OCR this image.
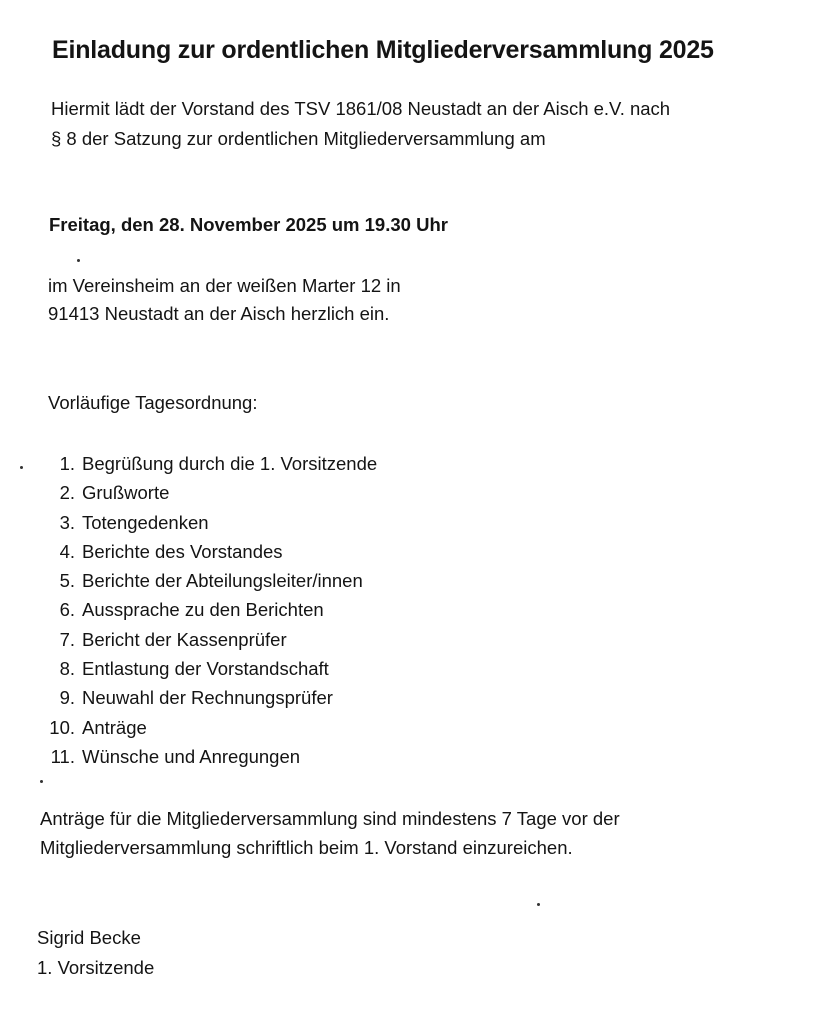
Einladung zur ordentlichen Mitgliederversammlung 2025
Hiermit lädt der Vorstand des TSV 1861/08 Neustadt an der Aisch e.V. nach
§ 8 der Satzung zur ordentlichen Mitgliederversammlung am
Freitag, den 28. November 2025 um 19.30 Uhr
im Vereinsheim an der weißen Marter 12 in
91413 Neustadt an der Aisch herzlich ein.
Vorläufige Tagesordnung:
1. Begrüßung durch die 1. Vorsitzende
2. Grußworte
3. Totengedenken
4. Berichte des Vorstandes
5. Berichte der Abteilungsleiter/innen
6. Aussprache zu den Berichten
7. Bericht der Kassenprüfer
8. Entlastung der Vorstandschaft
9. Neuwahl der Rechnungsprüfer
10. Anträge
11. Wünsche und Anregungen
Anträge für die Mitgliederversammlung sind mindestens 7 Tage vor der
Mitgliederversammlung schriftlich beim 1. Vorstand einzureichen.
Sigrid Becke
1. Vorsitzende
